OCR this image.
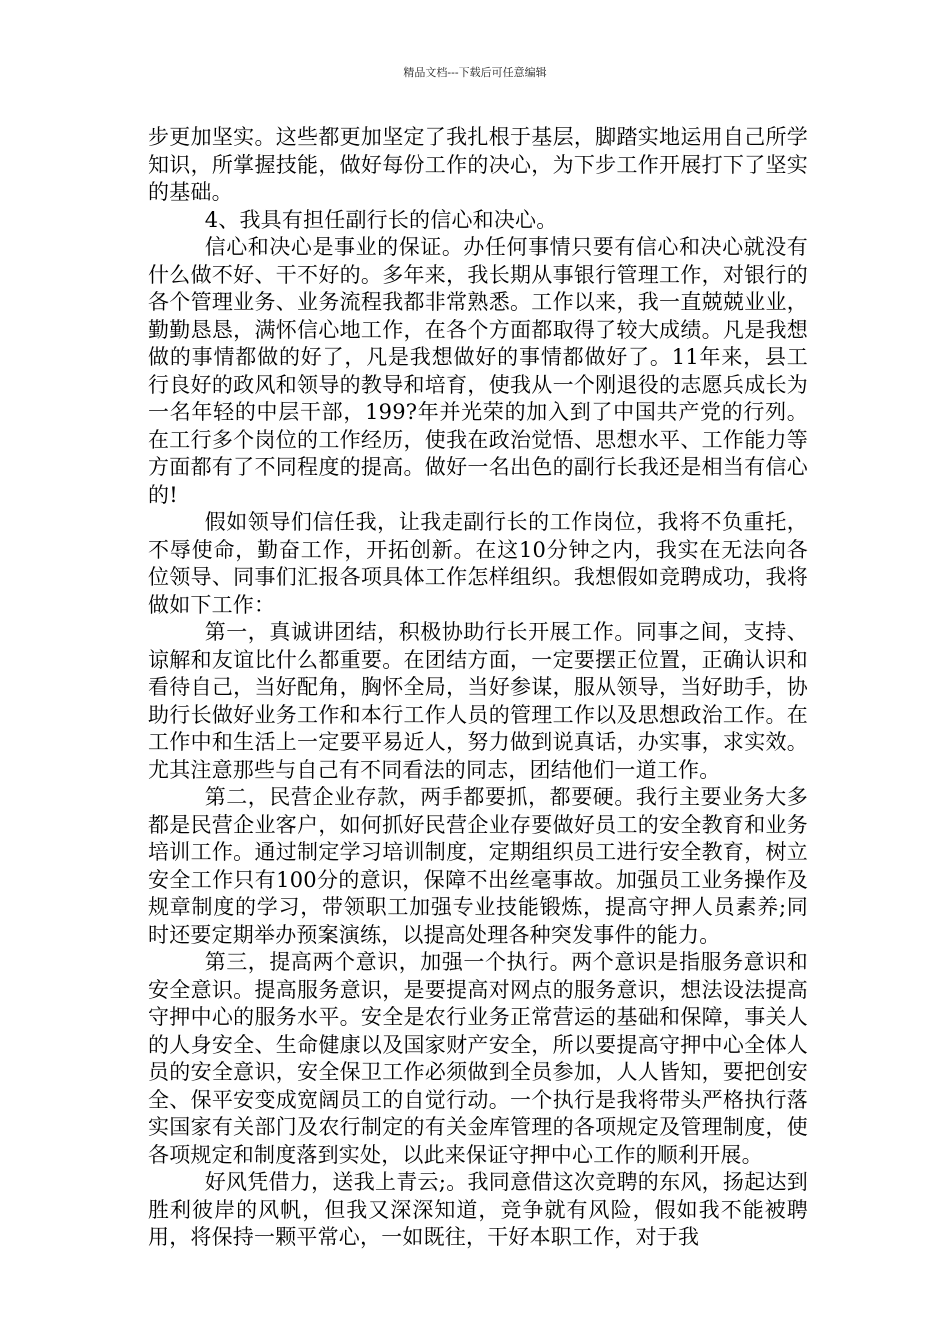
精品文档---下载后可任意编辑

步更加坚实。这些都更加坚定了我扎根于基层，脚踏实地运用自己所学知识，所掌握技能，做好每份工作的决心，为下步工作开展打下了坚实的基础。

4、我具有担任副行长的信心和决心。

信心和决心是事业的保证。办任何事情只要有信心和决心就没有什么做不好、干不好的。多年来，我长期从事银行管理工作，对银行的各个管理业务、业务流程我都非常熟悉。工作以来，我一直兢兢业业，勤勤恳恳，满怀信心地工作，在各个方面都取得了较大成绩。凡是我想做的事情都做的好了，凡是我想做好的事情都做好了。11年来，县工行良好的政风和领导的教导和培育，使我从一个刚退役的志愿兵成长为一名年轻的中层干部，199?年并光荣的加入到了中国共产党的行列。在工行多个岗位的工作经历，使我在政治觉悟、思想水平、工作能力等方面都有了不同程度的提高。做好一名出色的副行长我还是相当有信心的!

假如领导们信任我，让我走副行长的工作岗位，我将不负重托，不辱使命，勤奋工作，开拓创新。在这10分钟之内，我实在无法向各位领导、同事们汇报各项具体工作怎样组织。我想假如竞聘成功，我将做如下工作：

第一，真诚讲团结，积极协助行长开展工作。同事之间，支持、谅解和友谊比什么都重要。在团结方面，一定要摆正位置，正确认识和看待自己，当好配角，胸怀全局，当好参谋，服从领导，当好助手，协助行长做好业务工作和本行工作人员的管理工作以及思想政治工作。在工作中和生活上一定要平易近人，努力做到说真话，办实事，求实效。尤其注意那些与自己有不同看法的同志，团结他们一道工作。

第二，民营企业存款，两手都要抓，都要硬。我行主要业务大多都是民营企业客户，如何抓好民营企业存要做好员工的安全教育和业务培训工作。通过制定学习培训制度，定期组织员工进行安全教育，树立安全工作只有100分的意识，保障不出丝毫事故。加强员工业务操作及规章制度的学习，带领职工加强专业技能锻炼，提高守押人员素养;同时还要定期举办预案演练，以提高处理各种突发事件的能力。

第三，提高两个意识，加强一个执行。两个意识是指服务意识和安全意识。提高服务意识，是要提高对网点的服务意识，想法设法提高守押中心的服务水平。安全是农行业务正常营运的基础和保障，事关人的人身安全、生命健康以及国家财产安全，所以要提高守押中心全体人员的安全意识，安全保卫工作必须做到全员参加，人人皆知，要把创安全、保平安变成宽阔员工的自觉行动。一个执行是我将带头严格执行落实国家有关部门及农行制定的有关金库管理的各项规定及管理制度，使各项规定和制度落到实处，以此来保证守押中心工作的顺利开展。

好风凭借力，送我上青云;。我同意借这次竞聘的东风，扬起达到胜利彼岸的风帆，但我又深深知道，竞争就有风险，假如我不能被聘用，将保持一颗平常心，一如既往，干好本职工作，对于我
